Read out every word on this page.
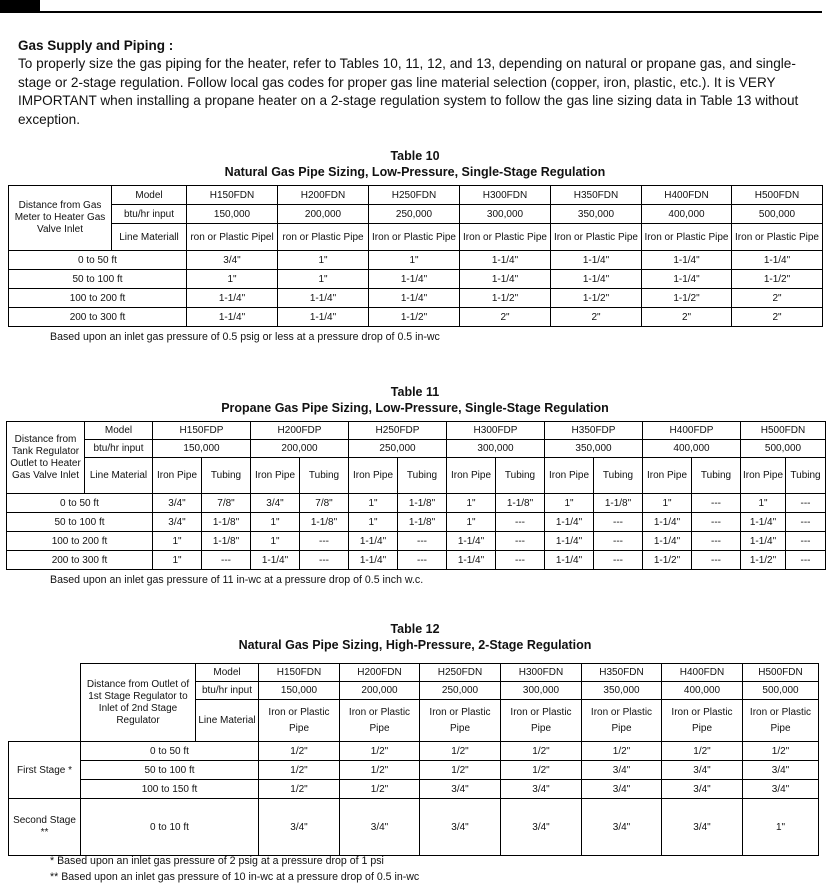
Gas Supply and Piping :

To properly size the gas piping for the heater, refer to Tables 10, 11, 12, and 13, depending on natural or propane gas, and single-stage or 2-stage regulation. Follow local gas codes for proper gas line material selection (copper, iron, plastic, etc.). It is VERY IMPORTANT when installing a propane heater on a 2-stage regulation system to follow the gas line sizing data in Table 13 without exception.

Table 10
Natural Gas Pipe Sizing, Low-Pressure, Single-Stage Regulation
Distance from Gas Meter to Heater Gas Valve Inlet	Model	H150FDN	H200FDN	H250FDN	H300FDN	H350FDN	H400FDN	H500FDN
	btu/hr input	150,000	200,000	250,000	300,000	350,000	400,000	500,000
	Line Materiall	ron or Plastic Pipel	ron or Plastic Pipe	Iron or Plastic Pipe	Iron or Plastic Pipe	Iron or Plastic Pipe	Iron or Plastic Pipe	Iron or Plastic Pipe
0 to 50 ft		3/4"	1"	1"	1-1/4"	1-1/4"	1-1/4"	1-1/4"
50 to 100 ft		1"	1"	1-1/4"	1-1/4"	1-1/4"	1-1/4"	1-1/2"
100 to 200 ft		1-1/4"	1-1/4"	1-1/4"	1-1/2"	1-1/2"	1-1/2"	2"
200 to 300 ft		1-1/4"	1-1/4"	1-1/2"	2"	2"	2"	2"
Based upon an inlet gas pressure of 0.5 psig or less at a pressure drop of 0.5 in-wc
Table 11
Propane Gas Pipe Sizing, Low-Pressure, Single-Stage Regulation
Distance from Tank Regulator Outlet to Heater Gas Valve Inlet	Model	H150FDP		H200FDP		H250FDP		H300FDP		H350FDP		H400FDP		H500FDN	
	btu/hr input	150,000		200,000		250,000		300,000		350,000		400,000		500,000	
	Line Material	Iron Pipe	Tubing	Iron Pipe	Tubing	Iron Pipe	Tubing	Iron Pipe	Tubing	Iron Pipe	Tubing	Iron Pipe	Tubing	Iron Pipe	Tubing
0 to 50 ft		3/4"	7/8"	3/4"	7/8"	1"	1-1/8"	1"	1-1/8"	1"	1-1/8"	1"	---	1"	---
50 to 100 ft		3/4"	1-1/8"	1"	1-1/8"	1"	1-1/8"	1"	---	1-1/4"	---	1-1/4"	---	1-1/4"	---
100 to 200 ft		1"	1-1/8"	1"	---	1-1/4"	---	1-1/4"	---	1-1/4"	---	1-1/4"	---	1-1/4"	---
200 to 300 ft		1"	---	1-1/4"	---	1-1/4"	---	1-1/4"	---	1-1/4"	---	1-1/2"	---	1-1/2"	---
Based upon an inlet gas pressure of 11 in-wc at a pressure drop of 0.5 inch w.c.
Table 12
Natural Gas Pipe Sizing, High-Pressure, 2-Stage Regulation
	Distance from Outlet of 1st Stage Regulator to Inlet of 2nd Stage Regulator	Model	H150FDN	H200FDN	H250FDN	H300FDN	H350FDN	H400FDN	H500FDN
		btu/hr input	150,000	200,000	250,000	300,000	350,000	400,000	500,000
		Line Material	Iron or Plastic Pipe	Iron or Plastic Pipe	Iron or Plastic Pipe	Iron or Plastic Pipe	Iron or Plastic Pipe	Iron or Plastic Pipe	Iron or Plastic Pipe
First Stage *	0 to 50 ft		1/2"	1/2"	1/2"	1/2"	1/2"	1/2"	1/2"
	50 to 100 ft		1/2"	1/2"	1/2"	1/2"	3/4"	3/4"	3/4"
	100 to 150 ft		1/2"	1/2"	3/4"	3/4"	3/4"	3/4"	3/4"
Second Stage **	0 to 10 ft		3/4"	3/4"	3/4"	3/4"	3/4"	3/4"	1"
* Based upon an inlet gas pressure of 2 psig at a pressure drop of 1 psi
** Based upon an inlet gas pressure of 10 in-wc at a pressure drop of 0.5 in-wc
